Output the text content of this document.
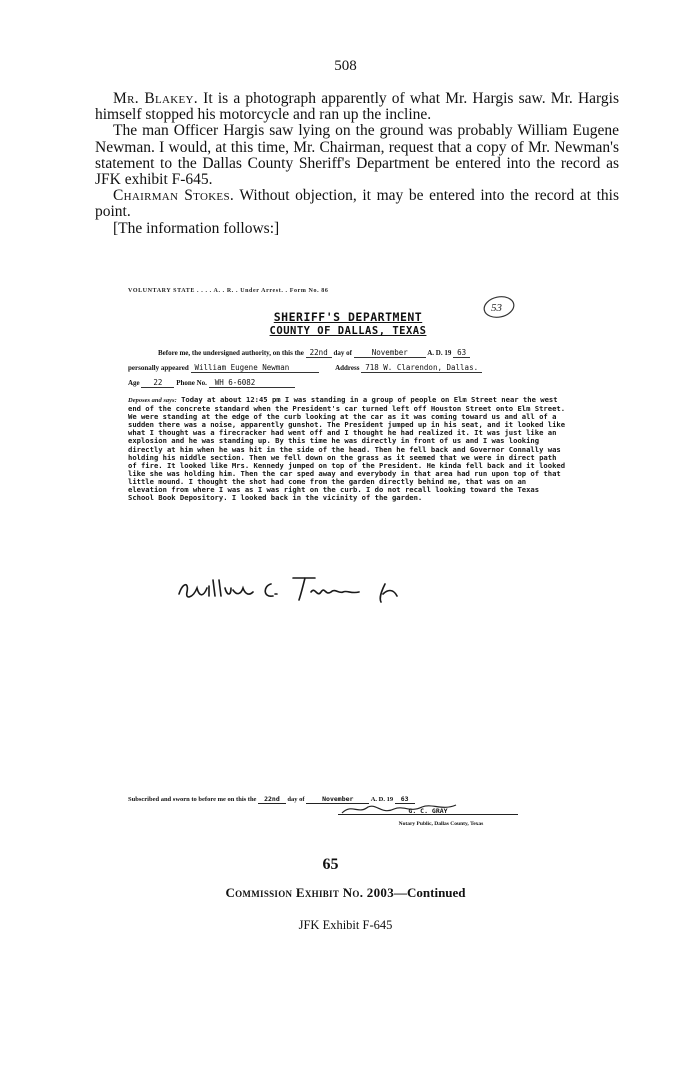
508

Mr. Blakey. It is a photograph apparently of what Mr. Hargis saw. Mr. Hargis himself stopped his motorcycle and ran up the incline.

The man Officer Hargis saw lying on the ground was probably William Eugene Newman. I would, at this time, Mr. Chairman, request that a copy of Mr. Newman's statement to the Dallas County Sheriff's Department be entered into the record as JFK exhibit F-645.

Chairman Stokes. Without objection, it may be entered into the record at this point.

[The information follows:]

VOLUNTARY STATE . . . . A. . R. . Under Arrest. . Form No. 86
53
SHERIFF'S DEPARTMENT
COUNTY OF DALLAS, TEXAS
Before me, the undersigned authority, on this the 22nd day of	November	A. D. 19 63
personally appeared William Eugene Newman	Address 718 W. Clarendon, Dallas.
Age 22 Phone No. WH 6-6082
Deposes and says: Today at about 12:45 pm I was standing in a group of people on Elm Street near the west end of the concrete standard when the President's car turned left off Houston Street onto Elm Street. We were standing at the edge of the curb looking at the car as it was coming toward us and all of a sudden there was a noise, apparently gunshot. The President jumped up in his seat, and it looked like what I thought was a firecracker had went off and I thought he had realized it. It was just like an explosion and he was standing up. By this time he was directly in front of us and I was looking directly at him when he was hit in the side of the head. Then he fell back and Governor Connally was holding his middle section. Then we fell down on the grass as it seemed that we were in direct path of fire. It looked like Mrs. Kennedy jumped on top of the President. He kinda fell back and it looked like she was holding him. Then the car sped away and everybody in that area had run upon top of that little mound. I thought the shot had come from the garden directly behind me, that was on an elevation from where I was as I was right on the curb. I do not recall looking toward the Texas School Book Depository. I looked back in the vicinity of the garden.
William E. Newman Jr
Subscribed and sworn to before me on this the 22nd day of	November	A. D. 19 63
G. C. GRAY
Notary Public, Dallas County, Texas
65
Commission Exhibit No. 2003—Continued
JFK Exhibit F-645
